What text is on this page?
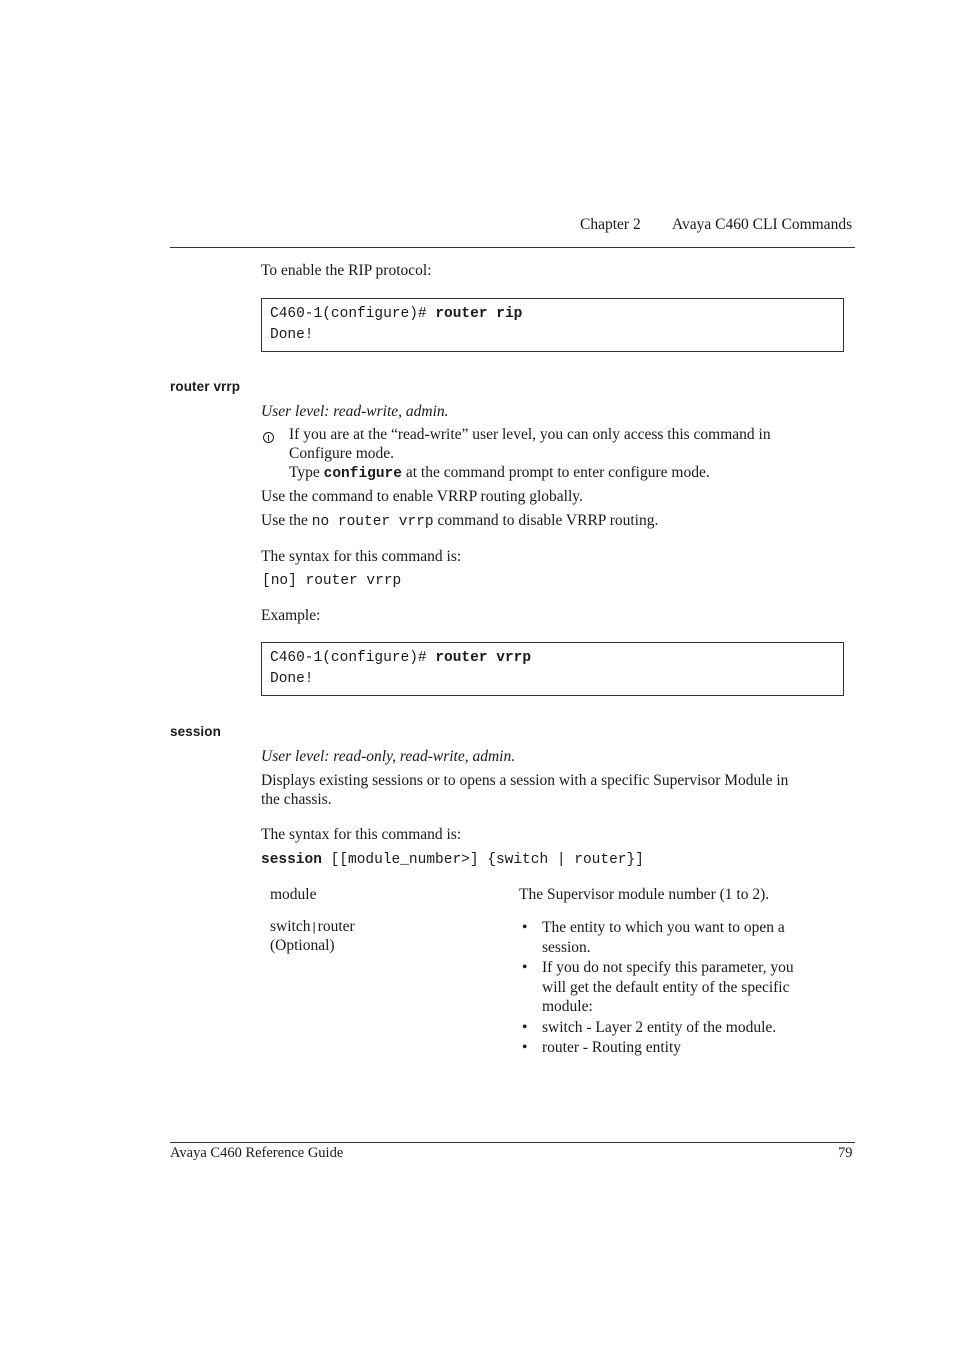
Chapter 2 Avaya C460 CLI Commands
To enable the RIP protocol:
C460-1(configure)# router rip
Done!
router vrrp
User level: read-write, admin.
If you are at the “read-write” user level, you can only access this command in
Configure mode.
Type configure at the command prompt to enter configure mode.
Use the command to enable VRRP routing globally.
Use the no router vrrp command to disable VRRP routing.
The syntax for this command is:
[no] router vrrp
Example:
C460-1(configure)# router vrrp
Done!
session
User level: read-only, read-write, admin.
Displays existing sessions or to opens a session with a specific Supervisor Module in
the chassis.
The syntax for this command is:
session [[module_number>] {switch | router}]
module	The Supervisor module number (1 to 2).
switch|router
(Optional)
• The entity to which you want to open a
session.
• If you do not specify this parameter, you
will get the default entity of the specific
module:
• switch - Layer 2 entity of the module.
• router - Routing entity
Avaya C460 Reference Guide	79
